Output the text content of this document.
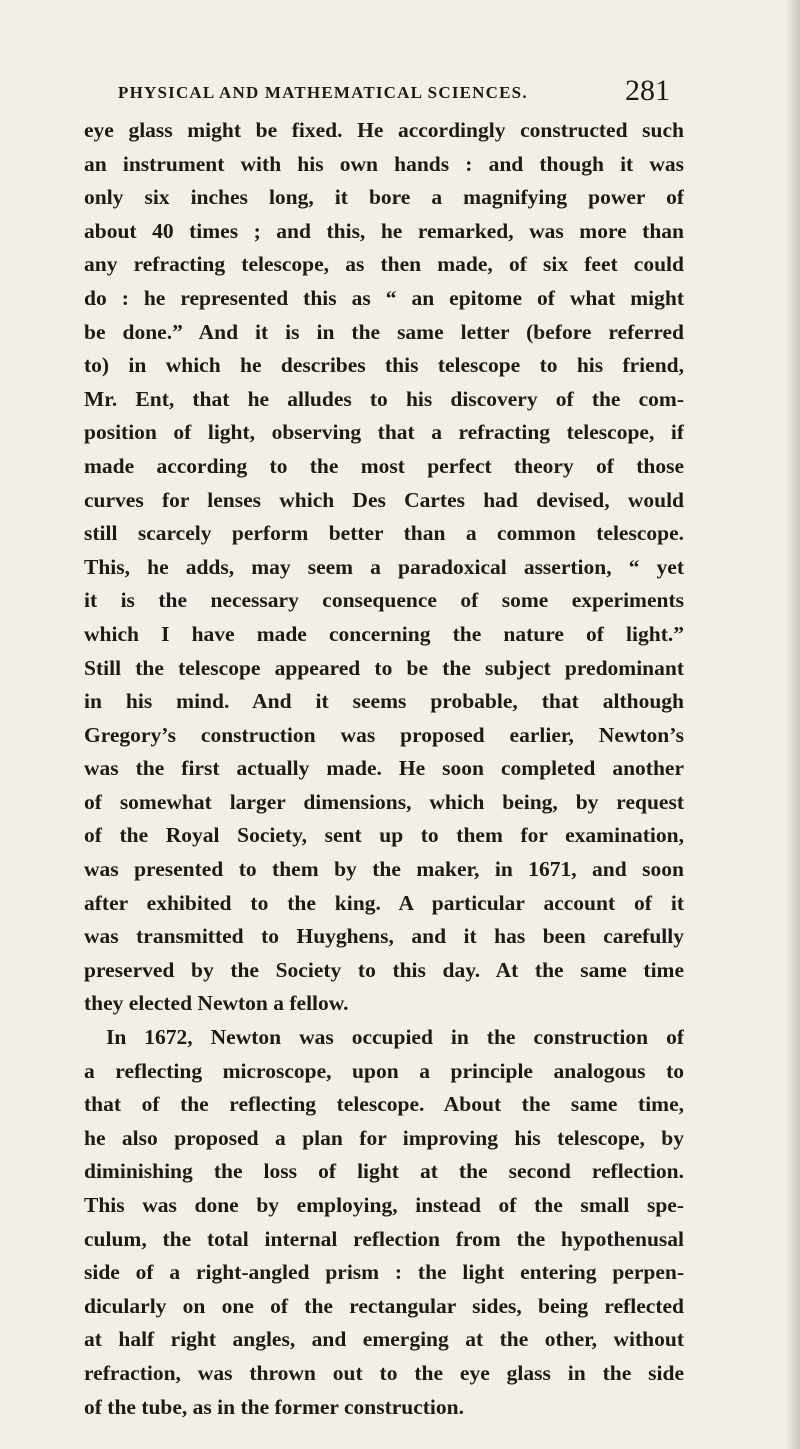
PHYSICAL AND MATHEMATICAL SCIENCES.	281
eye glass might be fixed. He accordingly constructed such
an instrument with his own hands : and though it was
only six inches long, it bore a magnifying power of
about 40 times ; and this, he remarked, was more than
any refracting telescope, as then made, of six feet could
do : he represented this as “ an epitome of what might
be done.” And it is in the same letter (before referred
to) in which he describes this telescope to his friend,
Mr. Ent, that he alludes to his discovery of the com-
position of light, observing that a refracting telescope, if
made according to the most perfect theory of those
curves for lenses which Des Cartes had devised, would
still scarcely perform better than a common telescope.
This, he adds, may seem a paradoxical assertion, “ yet
it is the necessary consequence of some experiments
which I have made concerning the nature of light.”
Still the telescope appeared to be the subject predominant
in his mind. And it seems probable, that although
Gregory’s construction was proposed earlier, Newton’s
was the first actually made. He soon completed another
of somewhat larger dimensions, which being, by request
of the Royal Society, sent up to them for examination,
was presented to them by the maker, in 1671, and soon
after exhibited to the king. A particular account of it
was transmitted to Huyghens, and it has been carefully
preserved by the Society to this day. At the same time
they elected Newton a fellow.
In 1672, Newton was occupied in the construction of
a reflecting microscope, upon a principle analogous to
that of the reflecting telescope. About the same time,
he also proposed a plan for improving his telescope, by
diminishing the loss of light at the second reflection.
This was done by employing, instead of the small spe-
culum, the total internal reflection from the hypothenusal
side of a right-angled prism : the light entering perpen-
dicularly on one of the rectangular sides, being reflected
at half right angles, and emerging at the other, without
refraction, was thrown out to the eye glass in the side
of the tube, as in the former construction.
